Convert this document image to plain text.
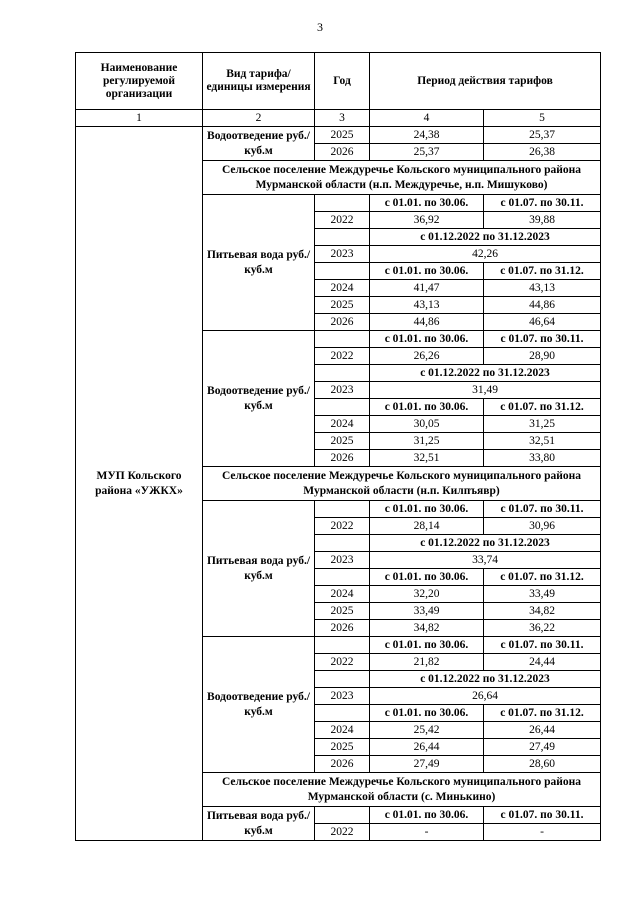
3
Наименование регулируемой организации	Вид тарифа/единицы измерения	Год	Период действия тарифов	
1	2	3	4	5
МУП Кольского района «УЖКХ»	Водоотведение руб./куб.м	2025	24,38	25,37
		2026	25,37	26,38
	Сельское поселение Междуречье Кольского муниципального района Мурманской области (н.п. Междуречье, н.п. Мишуково)			
	Питьевая вода руб./куб.м		с 01.01. по 30.06.	с 01.07. по 30.11.
		2022	36,92	39,88
			с 01.12.2022 по 31.12.2023	
		2023	42,26	
			с 01.01. по 30.06.	с 01.07. по 31.12.
		2024	41,47	43,13
		2025	43,13	44,86
		2026	44,86	46,64
	Водоотведение руб./куб.м		с 01.01. по 30.06.	с 01.07. по 30.11.
		2022	26,26	28,90
			с 01.12.2022 по 31.12.2023	
		2023	31,49	
			с 01.01. по 30.06.	с 01.07. по 31.12.
		2024	30,05	31,25
		2025	31,25	32,51
		2026	32,51	33,80
	Сельское поселение Междуречье Кольского муниципального района Мурманской области (н.п. Килпъявр)			
	Питьевая вода руб./куб.м		с 01.01. по 30.06.	с 01.07. по 30.11.
		2022	28,14	30,96
			с 01.12.2022 по 31.12.2023	
		2023	33,74	
			с 01.01. по 30.06.	с 01.07. по 31.12.
		2024	32,20	33,49
		2025	33,49	34,82
		2026	34,82	36,22
	Водоотведение руб./куб.м		с 01.01. по 30.06.	с 01.07. по 30.11.
		2022	21,82	24,44
			с 01.12.2022 по 31.12.2023	
		2023	26,64	
			с 01.01. по 30.06.	с 01.07. по 31.12.
		2024	25,42	26,44
		2025	26,44	27,49
		2026	27,49	28,60
	Сельское поселение Междуречье Кольского муниципального района Мурманской области (с. Минькино)			
	Питьевая вода руб./куб.м		с 01.01. по 30.06.	с 01.07. по 30.11.
		2022	-	-
